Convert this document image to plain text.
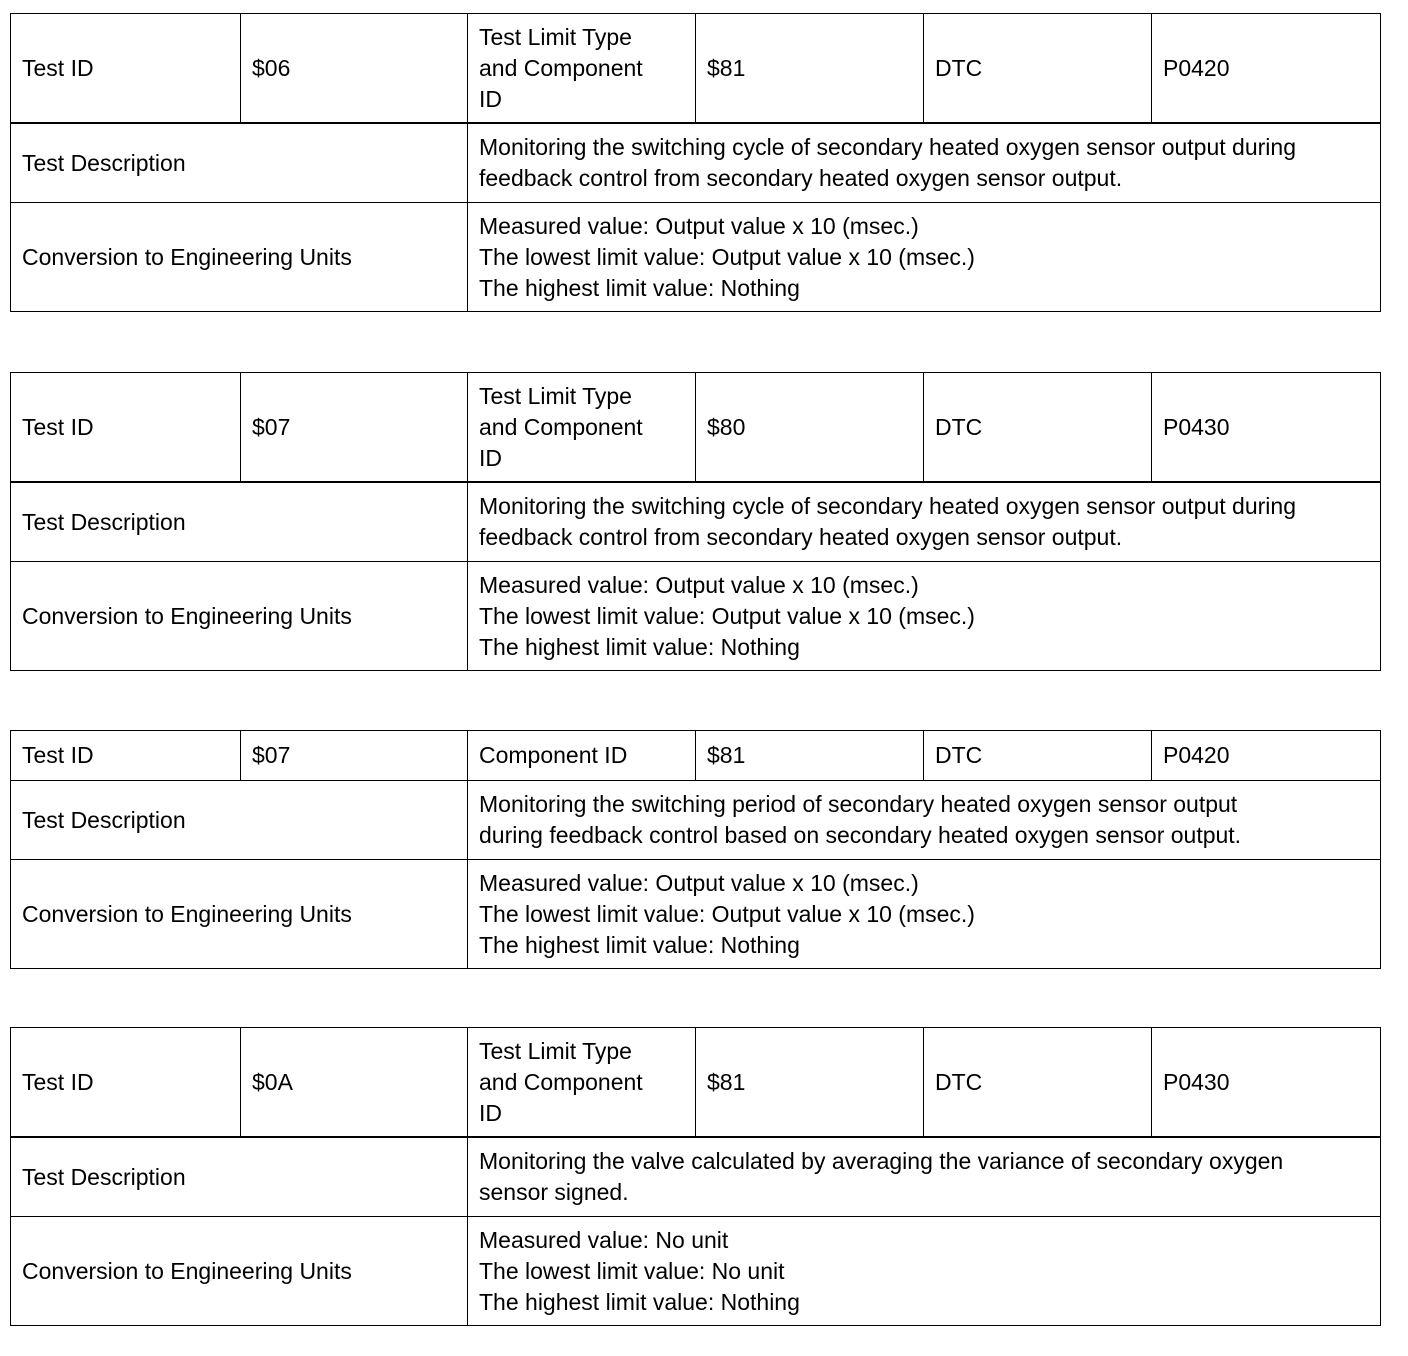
Test ID	$06	Test Limit Type
and Component
ID	$81	DTC	P0420
Test Description		Monitoring the switching cycle of secondary heated oxygen sensor output during
feedback control from secondary heated oxygen sensor output.			
Conversion to Engineering Units		Measured value: Output value x 10 (msec.)
The lowest limit value: Output value x 10 (msec.)
The highest limit value: Nothing			
Test ID	$07	Test Limit Type
and Component
ID	$80	DTC	P0430
Test Description		Monitoring the switching cycle of secondary heated oxygen sensor output during
feedback control from secondary heated oxygen sensor output.			
Conversion to Engineering Units		Measured value: Output value x 10 (msec.)
The lowest limit value: Output value x 10 (msec.)
The highest limit value: Nothing			
Test ID	$07	Component ID	$81	DTC	P0420
Test Description		Monitoring the switching period of secondary heated oxygen sensor output
during feedback control based on secondary heated oxygen sensor output.			
Conversion to Engineering Units		Measured value: Output value x 10 (msec.)
The lowest limit value: Output value x 10 (msec.)
The highest limit value: Nothing			
Test ID	$0A	Test Limit Type
and Component
ID	$81	DTC	P0430
Test Description		Monitoring the valve calculated by averaging the variance of secondary oxygen
sensor signed.			
Conversion to Engineering Units		Measured value: No unit
The lowest limit value: No unit
The highest limit value: Nothing			
